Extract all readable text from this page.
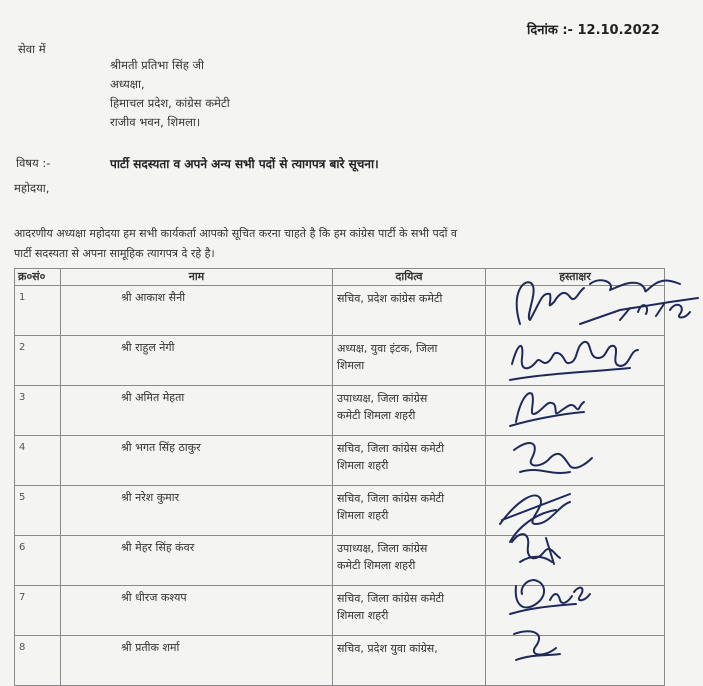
दिनांक :- 12.10.2022
सेवा में
श्रीमती प्रतिभा सिंह जी
अध्यक्षा,
हिमाचल प्रदेश, कांग्रेस कमेटी
राजीव भवन, शिमला।
विषय :-	पार्टी सदस्यता व अपने अन्य सभी पदों से त्यागपत्र बारे सूचना।
महोदया,
आदरणीय अध्यक्षा महोदया हम सभी कार्यकर्ता आपको सूचित करना चाहते है कि हम कांग्रेस पार्टी के सभी पदों व
पार्टी सदस्यता से अपना सामूहिक त्यागपत्र दे रहे है।
क्र०सं०	नाम	दायित्व	हस्ताक्षर

1	श्री आकाश सैनी	सचिव, प्रदेश कांग्रेस कमेटी	

2	श्री राहुल नेगी	अध्यक्ष, युवा इंटक, जिला
शिमला	

3	श्री अमित मेहता	उपाध्यक्ष, जिला कांग्रेस
कमेटी शिमला शहरी	

4	श्री भगत सिंह ठाकुर	सचिव, जिला कांग्रेस कमेटी
शिमला शहरी	

5	श्री नरेश कुमार	सचिव, जिला कांग्रेस कमेटी
शिमला शहरी	

6	श्री मेहर सिंह कंवर	उपाध्यक्ष, जिला कांग्रेस
कमेटी शिमला शहरी	

7	श्री धीरज कश्यप	सचिव, जिला कांग्रेस कमेटी
शिमला शहरी	

8	श्री प्रतीक शर्मा	सचिव, प्रदेश युवा कांग्रेस,	
